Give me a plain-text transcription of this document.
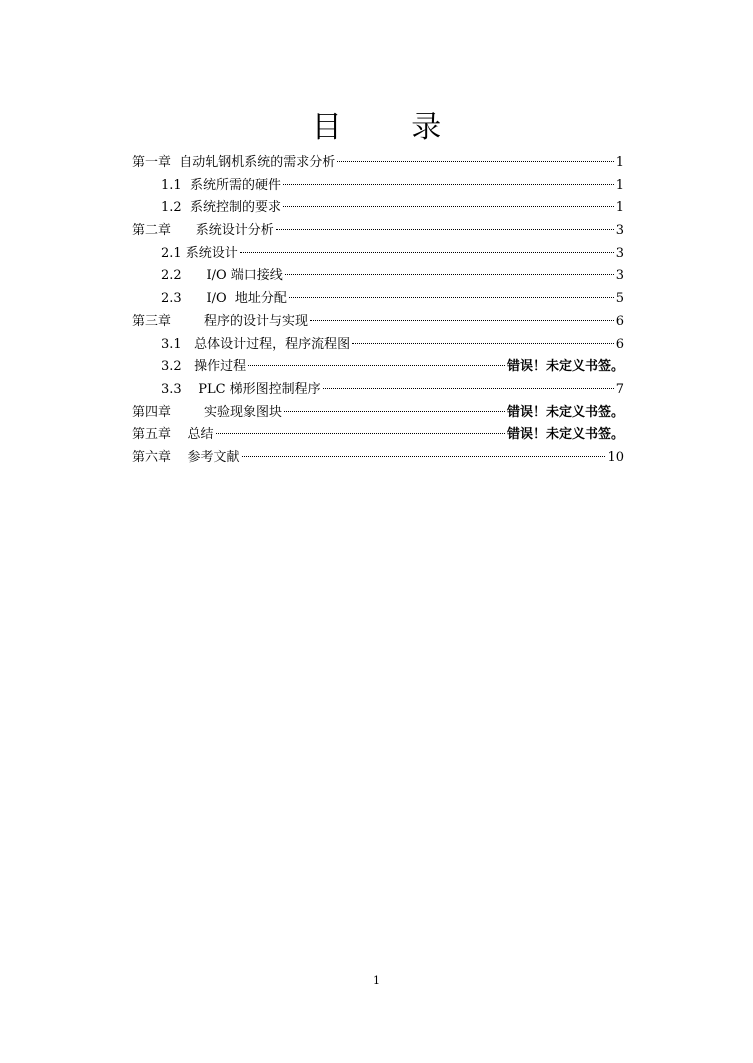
目 录
第一章  自动轧钢机系统的需求分析	1
1.1  系统所需的硬件	1
1.2  系统控制的要求	1
第二章      系统设计分析	3
2.1 系统设计	3
2.2      I/O 端口接线	3
2.3      I/O  地址分配	5
第三章        程序的设计与实现	6
3.1   总体设计过程，程序流程图	6
3.2   操作过程	错误！未定义书签。
3.3    PLC 梯形图控制程序	7
第四章        实验现象图块	错误！未定义书签。
第五章    总结	错误！未定义书签。
第六章    参考文献	10
1
